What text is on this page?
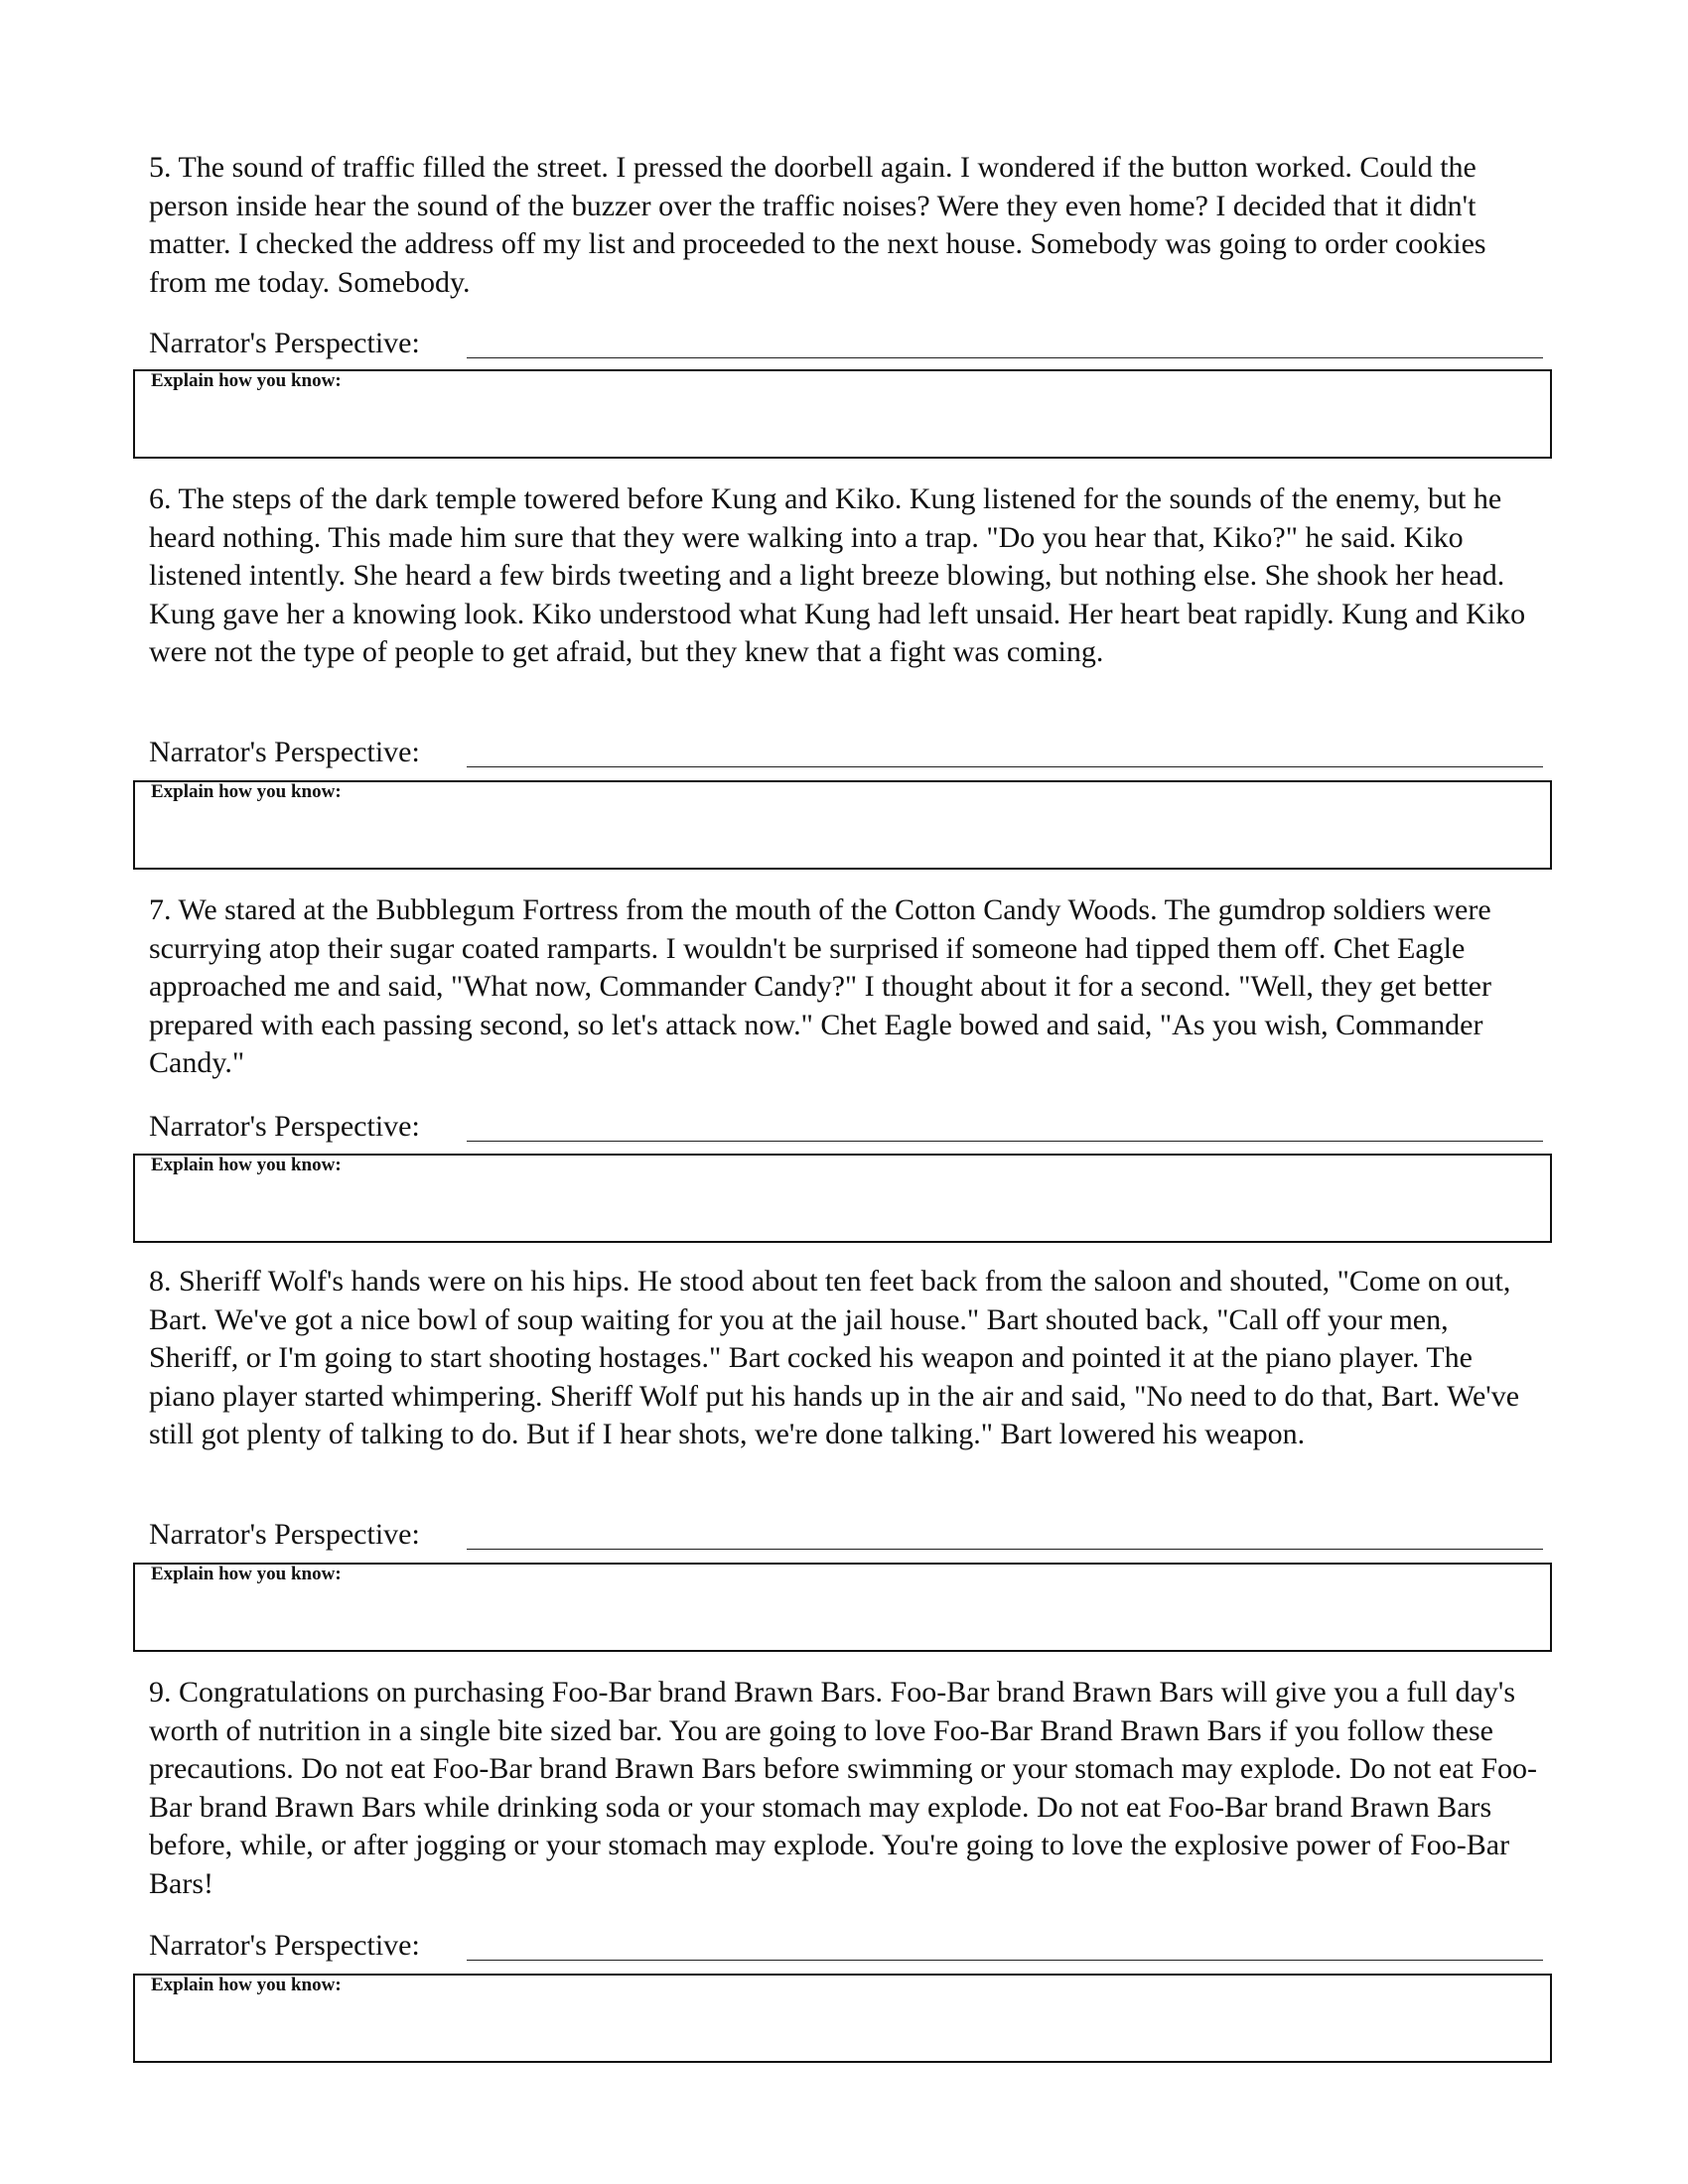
5. The sound of traffic filled the street. I pressed the doorbell again. I wondered if the button worked. Could the person inside hear the sound of the buzzer over the traffic noises? Were they even home? I decided that it didn't matter. I checked the address off my list and proceeded to the next house. Somebody was going to order cookies from me today. Somebody.

Narrator's Perspective:
Explain how you know:

6. The steps of the dark temple towered before Kung and Kiko. Kung listened for the sounds of the enemy, but he heard nothing. This made him sure that they were walking into a trap. "Do you hear that, Kiko?" he said. Kiko listened intently. She heard a few birds tweeting and a light breeze blowing, but nothing else. She shook her head. Kung gave her a knowing look. Kiko understood what Kung had left unsaid. Her heart beat rapidly. Kung and Kiko were not the type of people to get afraid, but they knew that a fight was coming.

Narrator's Perspective:
Explain how you know:

7. We stared at the Bubblegum Fortress from the mouth of the Cotton Candy Woods. The gumdrop soldiers were scurrying atop their sugar coated ramparts. I wouldn't be surprised if someone had tipped them off. Chet Eagle approached me and said, "What now, Commander Candy?" I thought about it for a second. "Well, they get better prepared with each passing second, so let's attack now." Chet Eagle bowed and said, "As you wish, Commander Candy."

Narrator's Perspective:
Explain how you know:

8. Sheriff Wolf's hands were on his hips. He stood about ten feet back from the saloon and shouted, "Come on out, Bart. We've got a nice bowl of soup waiting for you at the jail house." Bart shouted back, "Call off your men, Sheriff, or I'm going to start shooting hostages." Bart cocked his weapon and pointed it at the piano player. The piano player started whimpering. Sheriff Wolf put his hands up in the air and said, "No need to do that, Bart. We've still got plenty of talking to do. But if I hear shots, we're done talking." Bart lowered his weapon.

Narrator's Perspective:
Explain how you know:

9. Congratulations on purchasing Foo-Bar brand Brawn Bars. Foo-Bar brand Brawn Bars will give you a full day's worth of nutrition in a single bite sized bar. You are going to love Foo-Bar Brand Brawn Bars if you follow these precautions. Do not eat Foo-Bar brand Brawn Bars before swimming or your stomach may explode. Do not eat Foo-Bar brand Brawn Bars while drinking soda or your stomach may explode. Do not eat Foo-Bar brand Brawn Bars before, while, or after jogging or your stomach may explode. You're going to love the explosive power of Foo-Bar Bars!

Narrator's Perspective:
Explain how you know:
